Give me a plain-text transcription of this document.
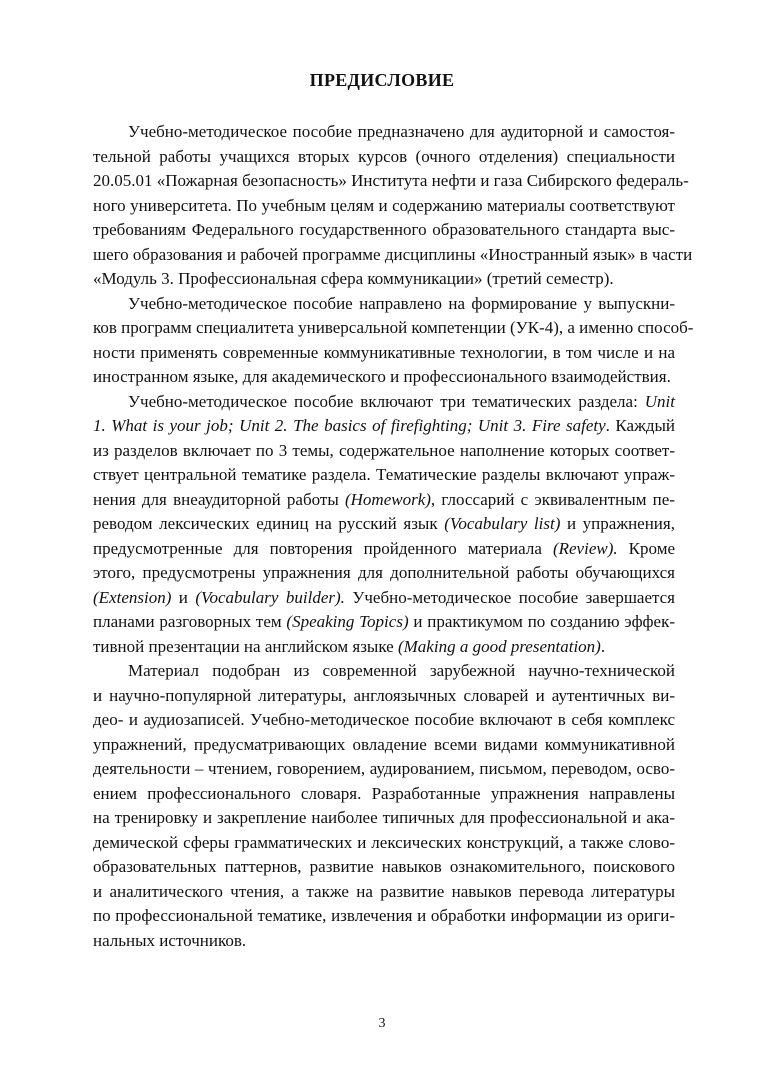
ПРЕДИСЛОВИЕ
Учебно-методическое пособие предназначено для аудиторной и самостоя-
тельной работы учащихся вторых курсов (очного отделения) специальности
20.05.01 «Пожарная безопасность» Института нефти и газа Сибирского федераль-
ного университета. По учебным целям и содержанию материалы соответствуют
требованиям Федерального государственного образовательного стандарта выс-
шего образования и рабочей программе дисциплины «Иностранный язык» в части
«Модуль 3. Профессиональная сфера коммуникации» (третий семестр).
Учебно-методическое пособие направлено на формирование у выпускни-
ков программ специалитета универсальной компетенции (УК-4), а именно способ-
ности применять современные коммуникативные технологии, в том числе и на
иностранном языке, для академического и профессионального взаимодействия.
Учебно-методическое пособие включают три тематических раздела: Unit
1. What is your job; Unit 2. The basics of firefighting; Unit 3. Fire safety. Каждый
из разделов включает по 3 темы, содержательное наполнение которых соответ-
ствует центральной тематике раздела. Тематические разделы включают упраж-
нения для внеаудиторной работы (Homework), глоссарий с эквивалентным пе-
реводом лексических единиц на русский язык (Vocabulary list) и упражнения,
предусмотренные для повторения пройденного материала (Review). Кроме
этого, предусмотрены упражнения для дополнительной работы обучающихся
(Extension) и (Vocabulary builder). Учебно-методическое пособие завершается
планами разговорных тем (Speaking Topics) и практикумом по созданию эффек-
тивной презентации на английском языке (Making a good presentation).
Материал подобран из современной зарубежной научно-технической
и научно-популярной литературы, англоязычных словарей и аутентичных ви-
део- и аудиозаписей. Учебно-методическое пособие включают в себя комплекс
упражнений, предусматривающих овладение всеми видами коммуникативной
деятельности – чтением, говорением, аудированием, письмом, переводом, осво-
ением профессионального словаря. Разработанные упражнения направлены
на тренировку и закрепление наиболее типичных для профессиональной и ака-
демической сферы грамматических и лексических конструкций, а также слово-
образовательных паттернов, развитие навыков ознакомительного, поискового
и аналитического чтения, а также на развитие навыков перевода литературы
по профессиональной тематике, извлечения и обработки информации из ориги-
нальных источников.
3
